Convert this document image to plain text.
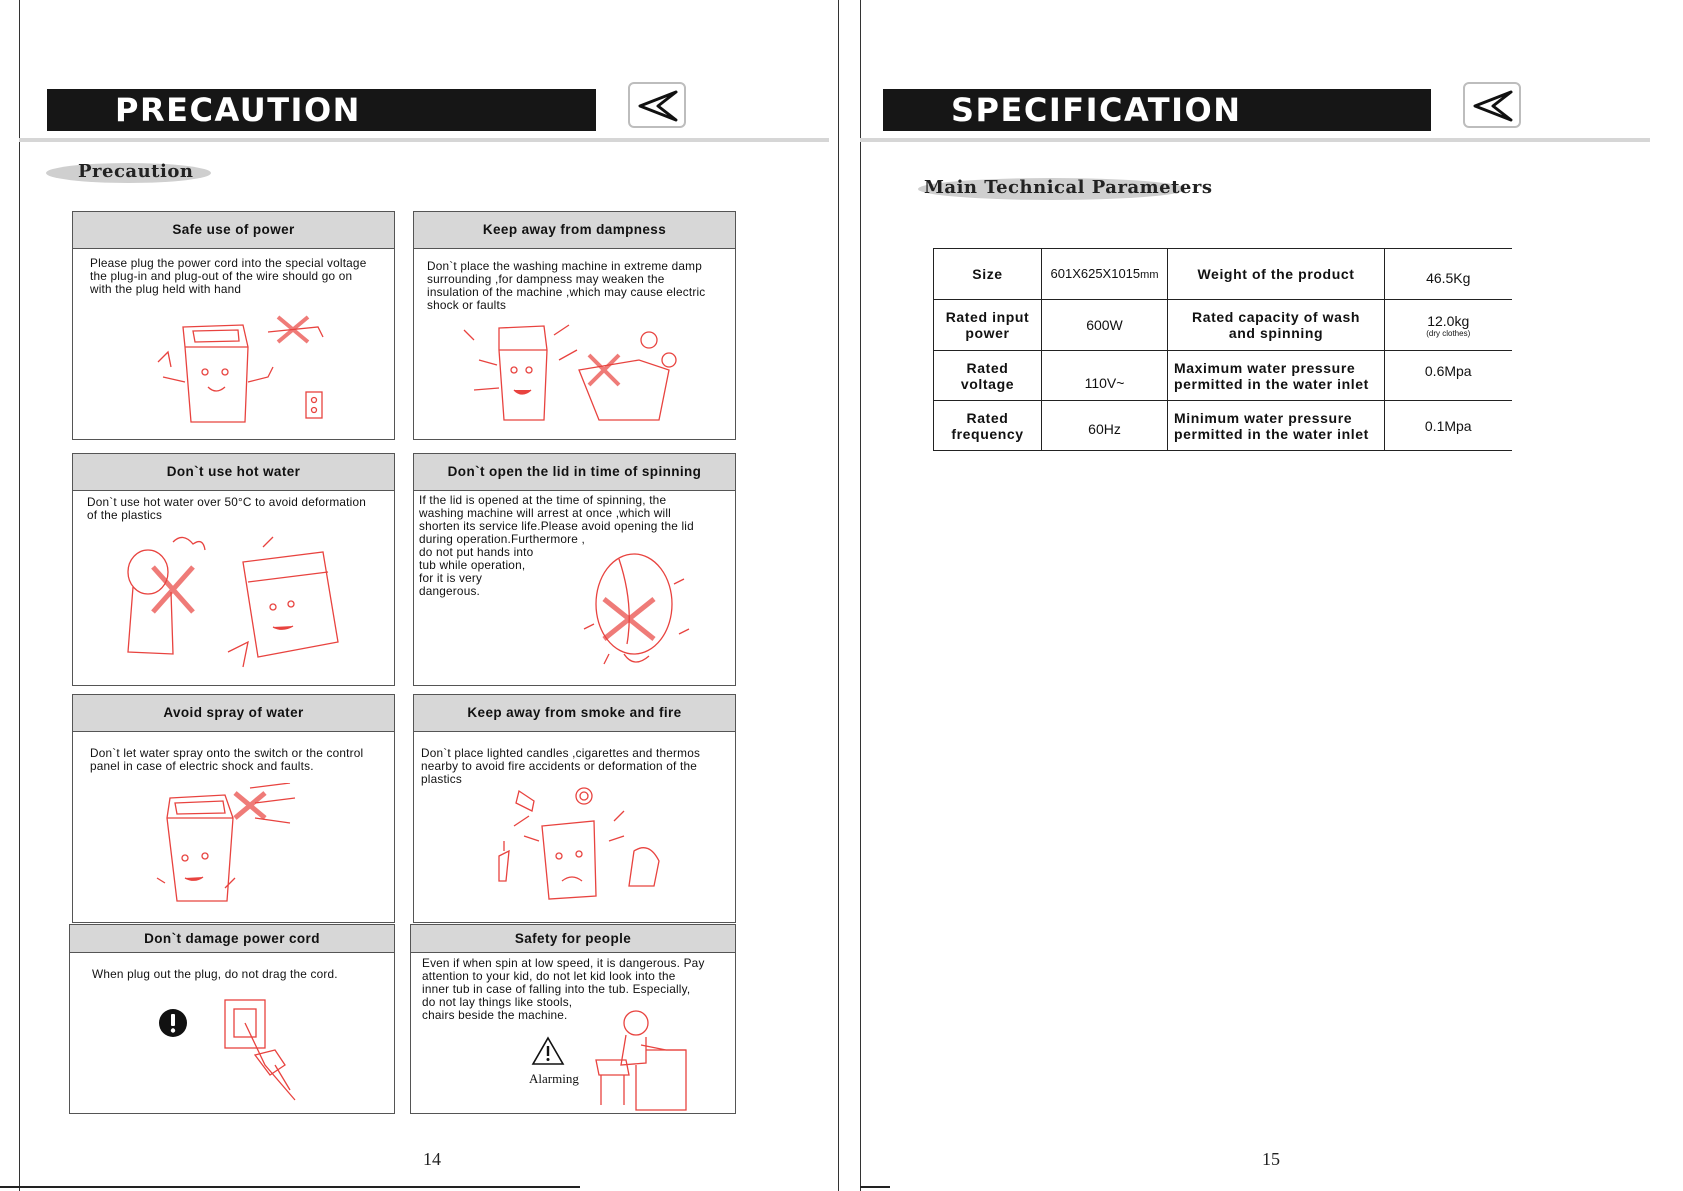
PRECAUTION
Precaution
Safe use of power
Please plug the power cord into the special voltage
the plug-in and plug-out of the wire should go on
with the plug held with hand
Keep away from dampness
Don`t place the washing machine in extreme damp
surrounding ,for dampness may weaken the
insulation of the machine ,which may cause electric
shock or faults
Don`t use hot water
Don`t use hot water over 50°C to avoid deformation
of the plastics
Don`t open the lid in time of spinning
If the lid is opened at the time of spinning, the
washing machine will arrest at once ,which will
shorten its service life.Please avoid opening the lid
during operation.Furthermore ,
do not put hands into
tub while operation,
for it is very
dangerous.
Avoid spray of water
Don`t let water spray onto the switch or the control
panel in case of electric shock and faults.
Keep away from smoke and fire
Don`t place lighted candles ,cigarettes and thermos
nearby to avoid fire accidents or deformation of the
plastics
Don`t damage power cord
When plug out the plug, do not drag the cord.
Safety for people
Even if when spin at low speed, it is dangerous. Pay
attention to your kid, do not let kid look into the
inner tub in case of falling into the tub. Especially,
do not lay things like stools,
chairs beside the machine.
Alarming
14
SPECIFICATION
Main Technical Parameters
Size	601X625X1015mm	Weight of the product	46.5Kg
Rated input
power	600W	Rated capacity of wash
and spinning	12.0kg
(dry clothes)

Rated
voltage	110V~	Maximum water pressure
permitted in the water inlet	0.6Mpa
Rated
frequency	60Hz	Minimum water pressure
permitted in the water inlet	0.1Mpa
15
